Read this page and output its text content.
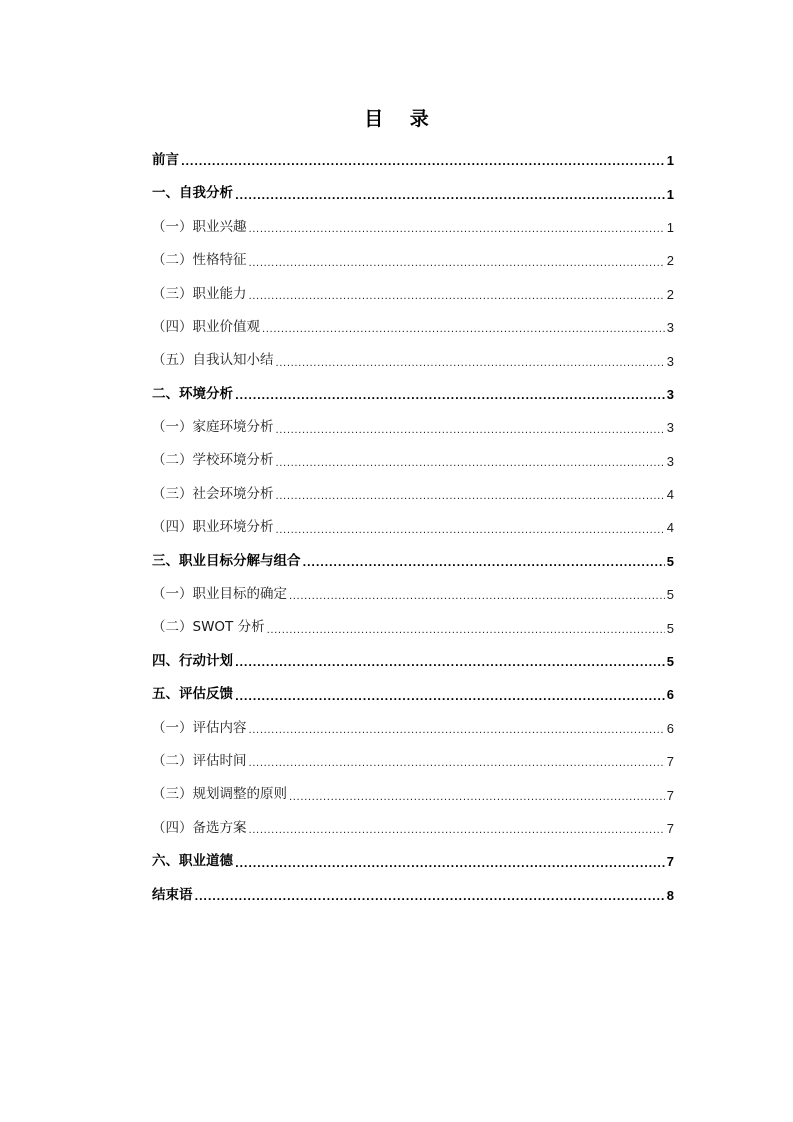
目 录
前言 .....	1
一、自我分析 .....	1
（一）职业兴趣 .....	1
（二）性格特征 .....	2
（三）职业能力 .....	2
（四）职业价值观 .....	3
（五）自我认知小结 .....	3
二、环境分析 .....	3
（一）家庭环境分析 .....	3
（二）学校环境分析 .....	3
（三）社会环境分析 .....	4
（四）职业环境分析 .....	4
三、职业目标分解与组合 .....	5
（一）职业目标的确定 .....	5
（二）SWOT 分析 .....	5
四、行动计划 .....	5
五、评估反馈 .....	6
（一）评估内容 .....	6
（二）评估时间 .....	7
（三）规划调整的原则 .....	7
（四）备选方案 .....	7
六、职业道德 .....	7
结束语 .....	8
